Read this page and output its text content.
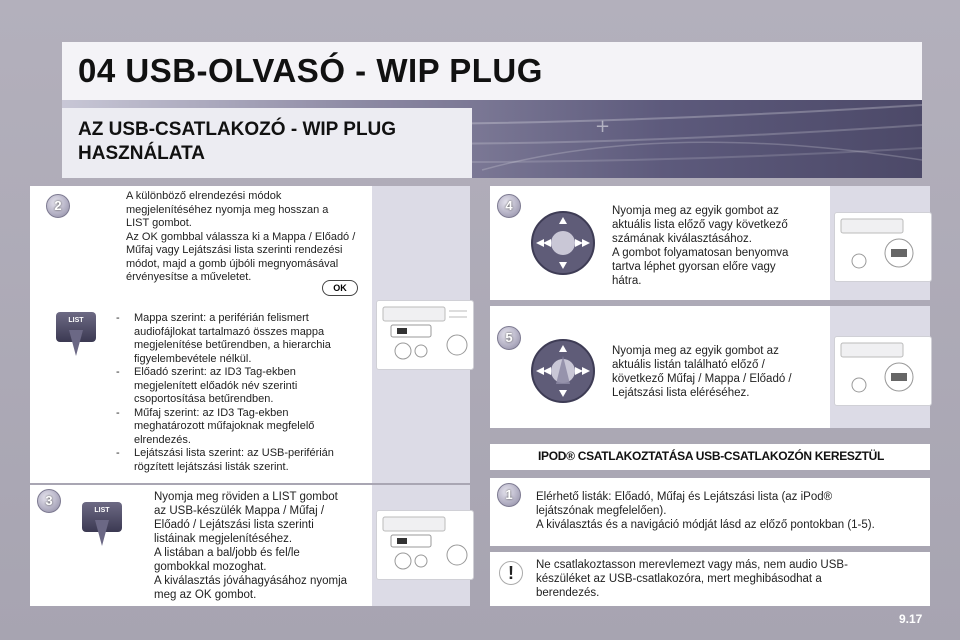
+
04 USB-OLVASÓ - WIP PLUG
AZ USB-CSATLAKOZÓ - WIP PLUG
HASZNÁLATA
2
A különböző elrendezési módok
megjelenítéséhez nyomja meg hosszan a
LIST gombot.
Az OK gombbal válassza ki a Mappa / Előadó /
Műfaj vagy Lejátszási lista szerinti rendezési
módot, majd a gomb újbóli megnyomásával
érvényesítse a műveletet.
OK
LIST	-	Mappa szerint: a periférián felismert
audiofájlokat tartalmazó összes mappa
megjelenítése betűrendben, a hierarchia
figyelembevétele nélkül.
-	Előadó szerint: az ID3 Tag-ekben
megjelenített előadók név szerinti
csoportosítása betűrendben.
-	Műfaj szerint: az ID3 Tag-ekben
meghatározott műfajoknak megfelelő
elrendezés.
-	Lejátszási lista szerint: az USB-periférián
rögzített lejátszási listák szerint.
3
LIST
Nyomja meg röviden a LIST gombot
az USB-készülék Mappa / Műfaj /
Előadó / Lejátszási lista szerinti
listáinak megjelenítéséhez.
A listában a bal/jobb és fel/le
gombokkal mozoghat.
A kiválasztás jóváhagyásához nyomja
meg az OK gombot.
4	Nyomja meg az egyik gombot az
aktuális lista előző vagy következő
számának kiválasztásához.
A gombot folyamatosan benyomva
tartva léphet gyorsan előre vagy
hátra.
5
Nyomja meg az egyik gombot az
aktuális listán található előző /
következő Műfaj / Mappa / Előadó /
Lejátszási lista eléréséhez.
IPOD® CSATLAKOZTATÁSA USB-CSATLAKOZÓN KERESZTÜL
1	Elérhető listák: Előadó, Műfaj és Lejátszási lista (az iPod®
lejátszónak megfelelően).
A kiválasztás és a navigáció módját lásd az előző pontokban (1-5).
!	Ne csatlakoztasson merevlemezt vagy más, nem audio USB-
készüléket az USB-csatlakozóra, mert meghibásodhat a
berendezés.
9.17
